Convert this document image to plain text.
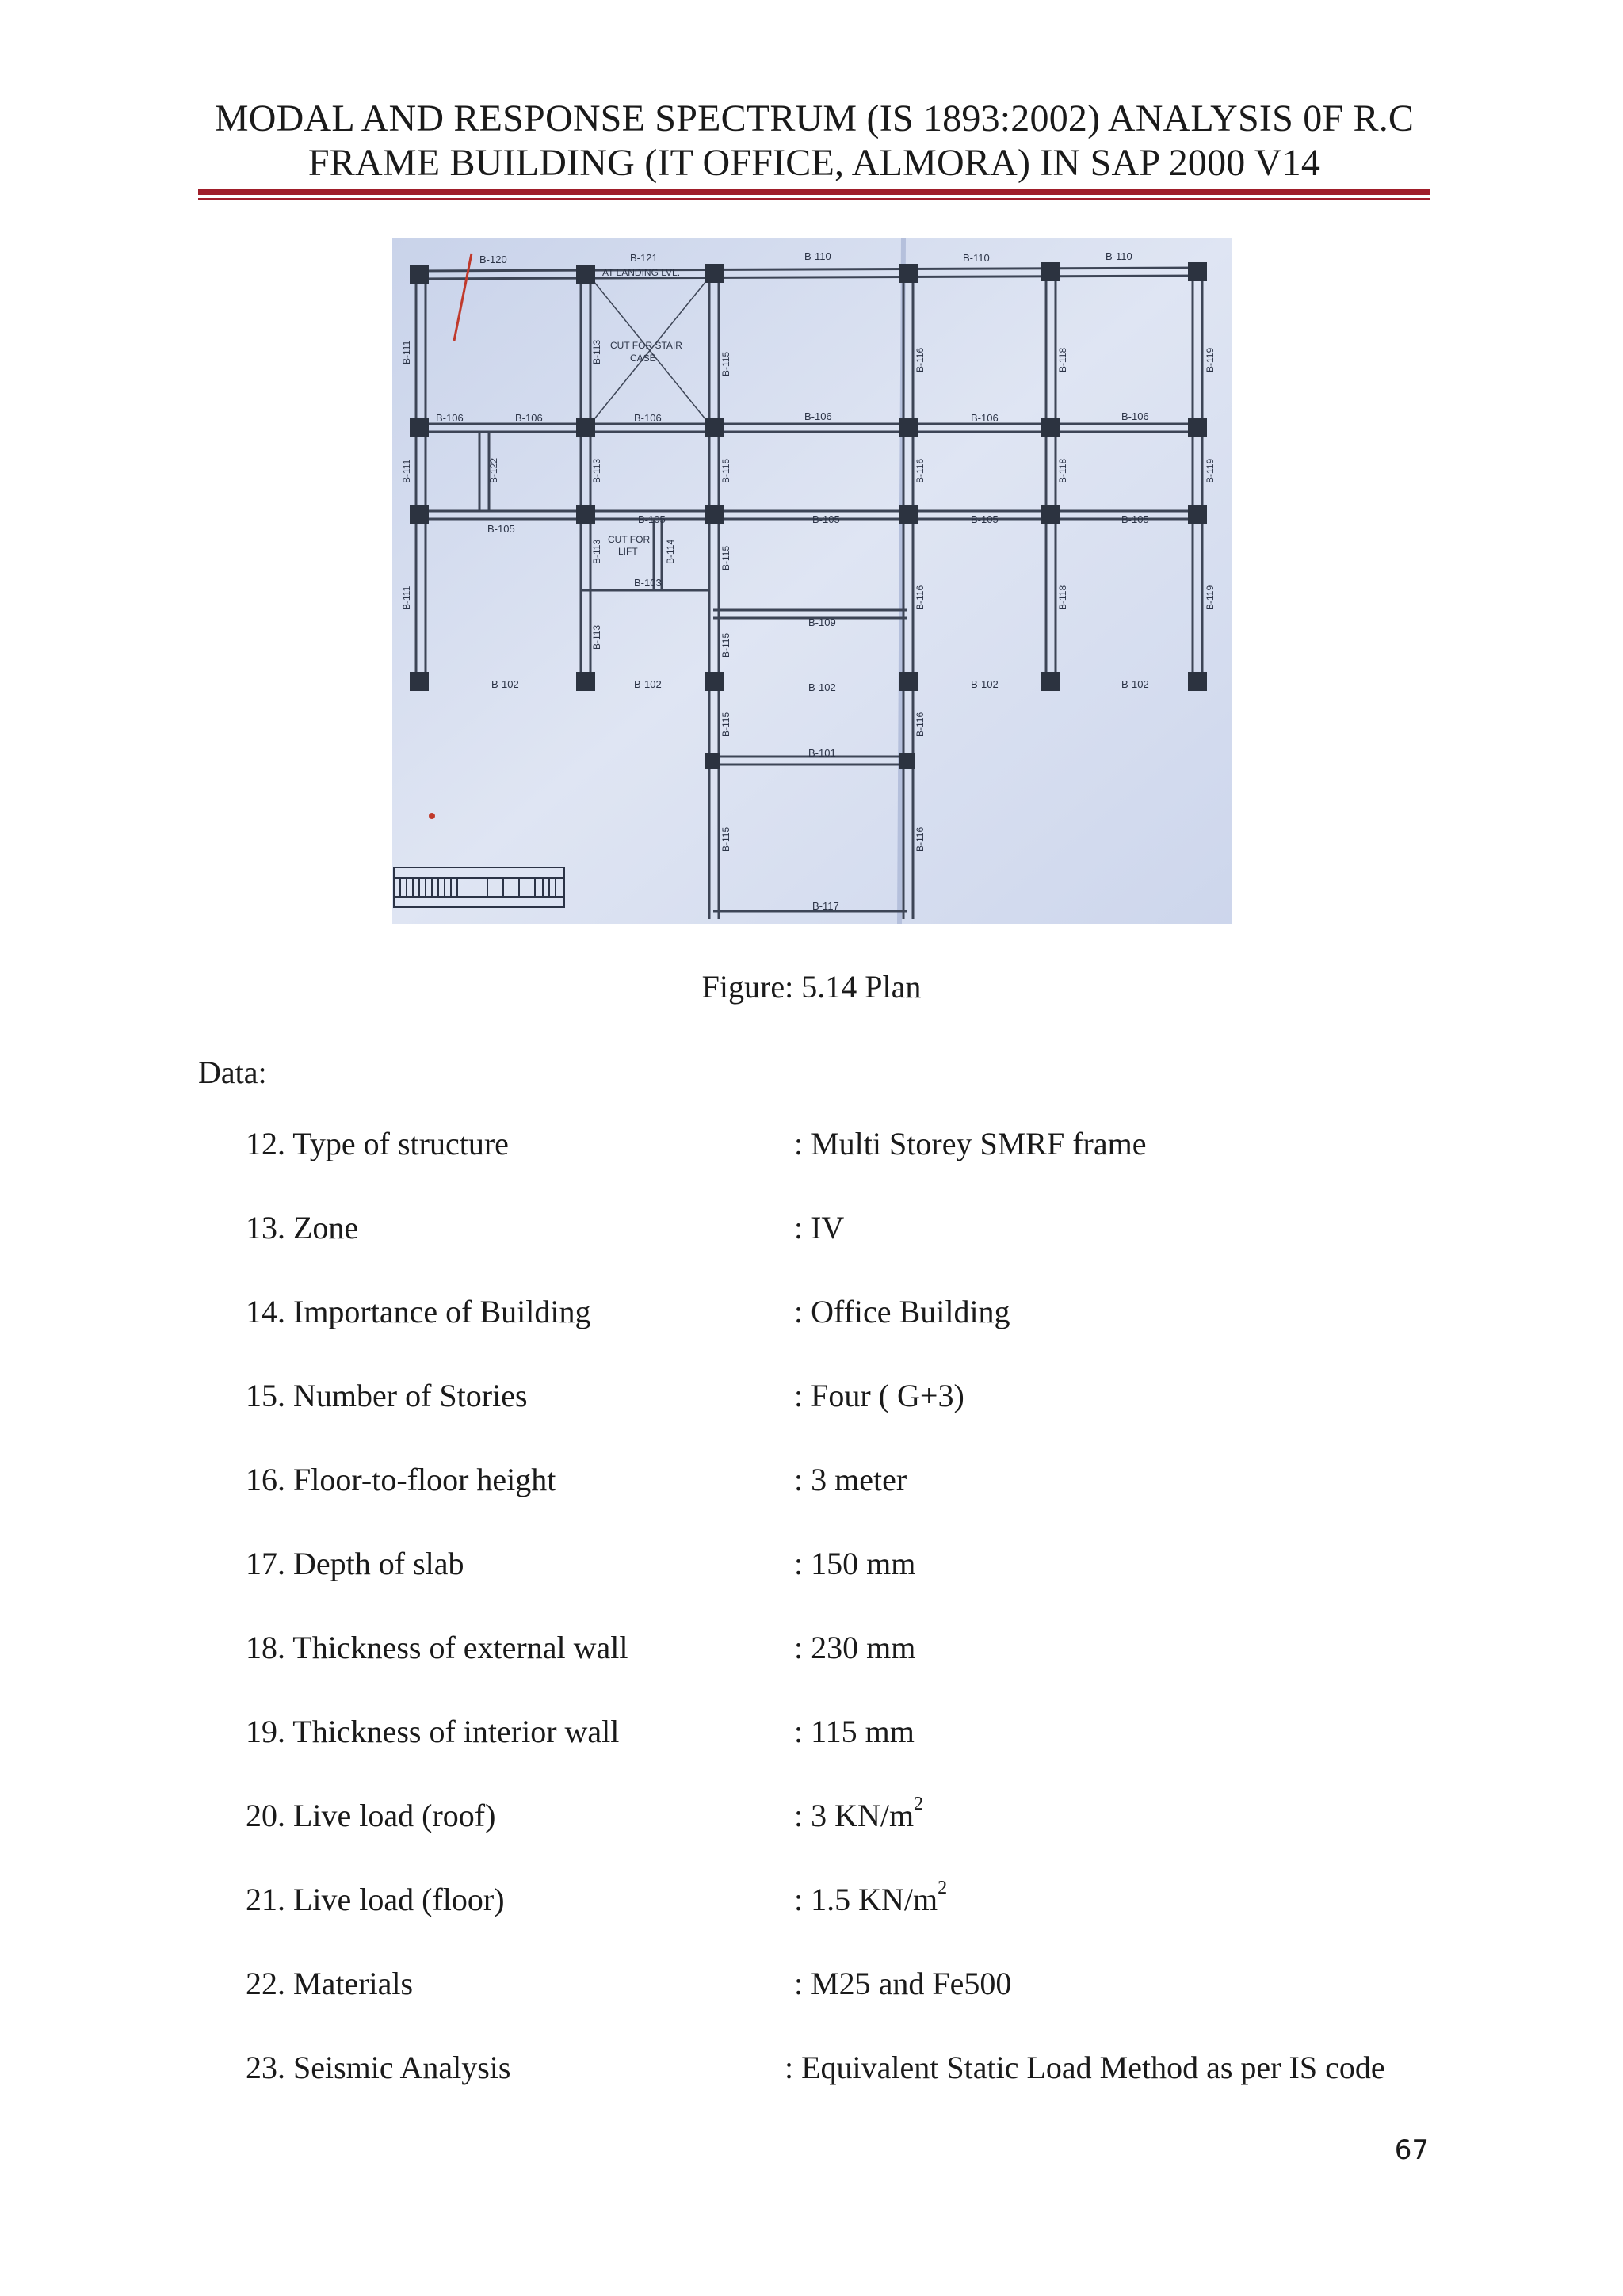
MODAL AND RESPONSE SPECTRUM (IS 1893:2002) ANALYSIS 0F R.C
FRAME BUILDING (IT OFFICE, ALMORA) IN SAP 2000 V14
B-120	B-121	B-110	B-110	B-110
AT LANDING LVL.
CUT FOR STAIR
CASE
B-106	B-106	B-106	B-106	B-106	B-106
B-105
B-105	B-105	B-105	B-105
CUT FOR
LIFT
B-103
B-109
B-102	B-102	B-102	B-102	B-102
B-101
B-117
B-111
B-111
B-111
B-122
B-113
B-113
B-113
B-113
B-114
B-115
B-115
B-115
B-115
B-115
B-115
B-116
B-116
B-116
B-116
B-116
B-118
B-118
B-118
B-119
B-119
B-119
Figure: 5.14 Plan
Data:
12. Type of structure	: Multi Storey SMRF frame
13. Zone	: IV
14. Importance of Building	: Office Building
15. Number of Stories	: Four ( G+3)
16. Floor-to-floor height	: 3 meter
17. Depth of slab	: 150 mm
18. Thickness of external wall	: 230 mm
19. Thickness of interior wall	: 115 mm
20. Live load (roof)	: 3 $KN/m^2$
21. Live load (floor)	: 1.5 $KN/m^2$
22. Materials	: M25 and Fe500
23. Seismic Analysis	: Equivalent Static Load Method as per IS code
67
